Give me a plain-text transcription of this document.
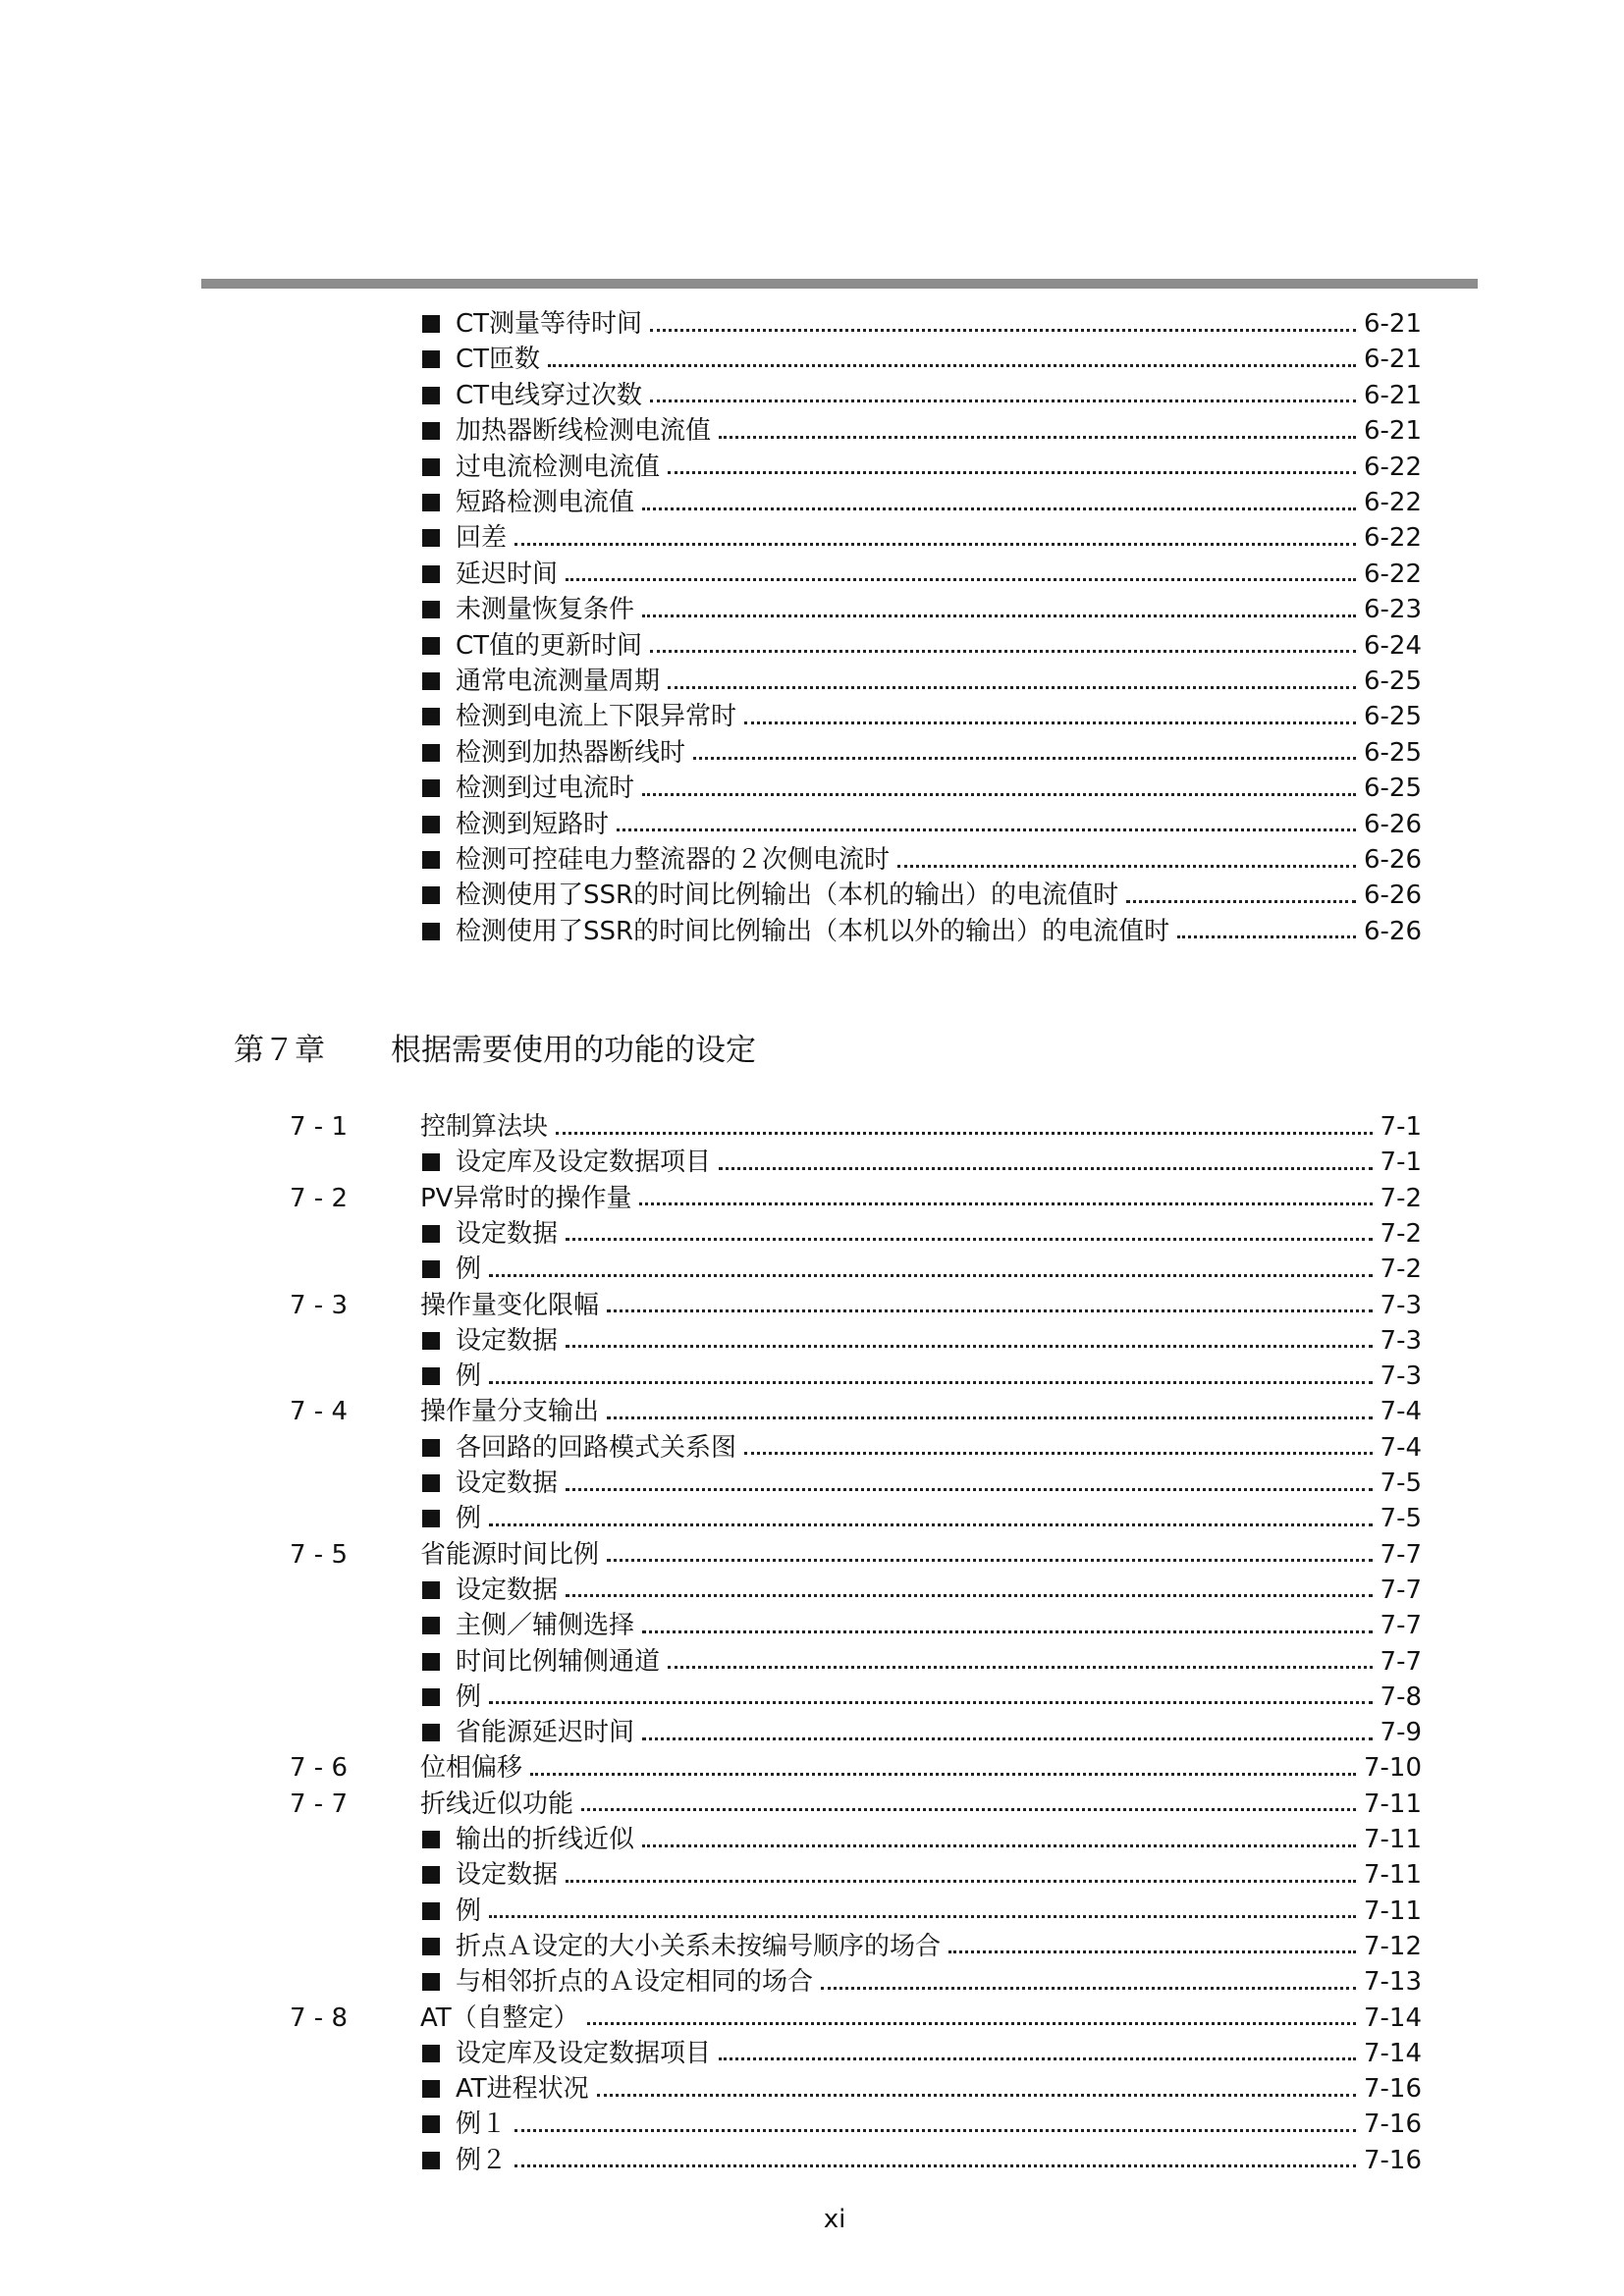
CT测量等待时间	6-21
CT匝数	6-21
CT电线穿过次数	6-21
加热器断线检测电流值	6-21
过电流检测电流值	6-22
短路检测电流值	6-22
回差	6-22
延迟时间	6-22
未测量恢复条件	6-23
CT值的更新时间	6-24
通常电流测量周期	6-25
检测到电流上下限异常时	6-25
检测到加热器断线时	6-25
检测到过电流时	6-25
检测到短路时	6-26
检测可控硅电力整流器的２次侧电流时	6-26
检测使用了SSR的时间比例输出（本机的输出）的电流值时	6-26
检测使用了SSR的时间比例输出（本机以外的输出）的电流值时	6-26
第７章 根据需要使用的功能的设定
7 - 1	控制算法块	7-1
设定库及设定数据项目	7-1
7 - 2	PV异常时的操作量	7-2
设定数据	7-2
例	7-2
7 - 3	操作量变化限幅	7-3
设定数据	7-3
例	7-3
7 - 4	操作量分支输出	7-4
各回路的回路模式关系图	7-4
设定数据	7-5
例	7-5
7 - 5	省能源时间比例	7-7
设定数据	7-7
主侧／辅侧选择	7-7
时间比例辅侧通道	7-7
例	7-8
省能源延迟时间	7-9
7 - 6	位相偏移	7-10
7 - 7	折线近似功能	7-11
输出的折线近似	7-11
设定数据	7-11
例	7-11
折点Ａ设定的大小关系未按编号顺序的场合	7-12
与相邻折点的Ａ设定相同的场合	7-13
7 - 8	AT（自整定）	7-14
设定库及设定数据项目	7-14
AT进程状况	7-16
例１	7-16
例２	7-16
xi
